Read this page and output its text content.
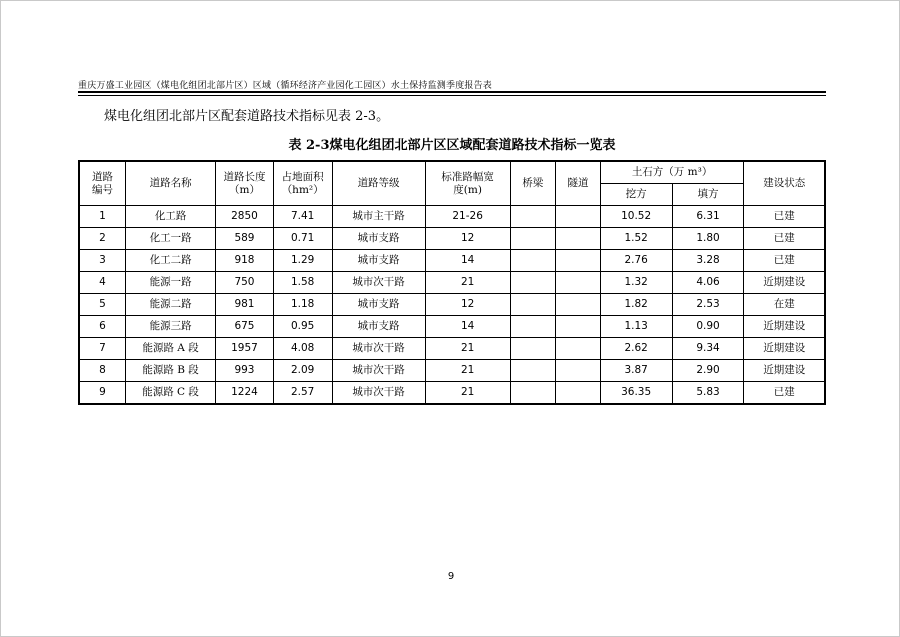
重庆万盛工业园区（煤电化组团北部片区）区域（循环经济产业园化工园区）水土保持监测季度报告表
煤电化组团北部片区配套道路技术指标见表 2-3。
表 2-3煤电化组团北部片区区域配套道路技术指标一览表
道路编号	道路名称	道路长度（m）	占地面积
（hm²）	道路等级	标准路幅宽度(m)	桥梁	隧道	土石方（万 m³）		建设状态
								挖方	填方	
1	化工路	2850	7.41	城市主干路	21-26			10.52	6.31	已建
2	化工一路	589	0.71	城市支路	12			1.52	1.80	已建
3	化工二路	918	1.29	城市支路	14			2.76	3.28	已建
4	能源一路	750	1.58	城市次干路	21			1.32	4.06	近期建设
5	能源二路	981	1.18	城市支路	12			1.82	2.53	在建
6	能源三路	675	0.95	城市支路	14			1.13	0.90	近期建设
7	能源路 A 段	1957	4.08	城市次干路	21			2.62	9.34	近期建设
8	能源路 B 段	993	2.09	城市次干路	21			3.87	2.90	近期建设
9	能源路 C 段	1224	2.57	城市次干路	21			36.35	5.83	已建
9
